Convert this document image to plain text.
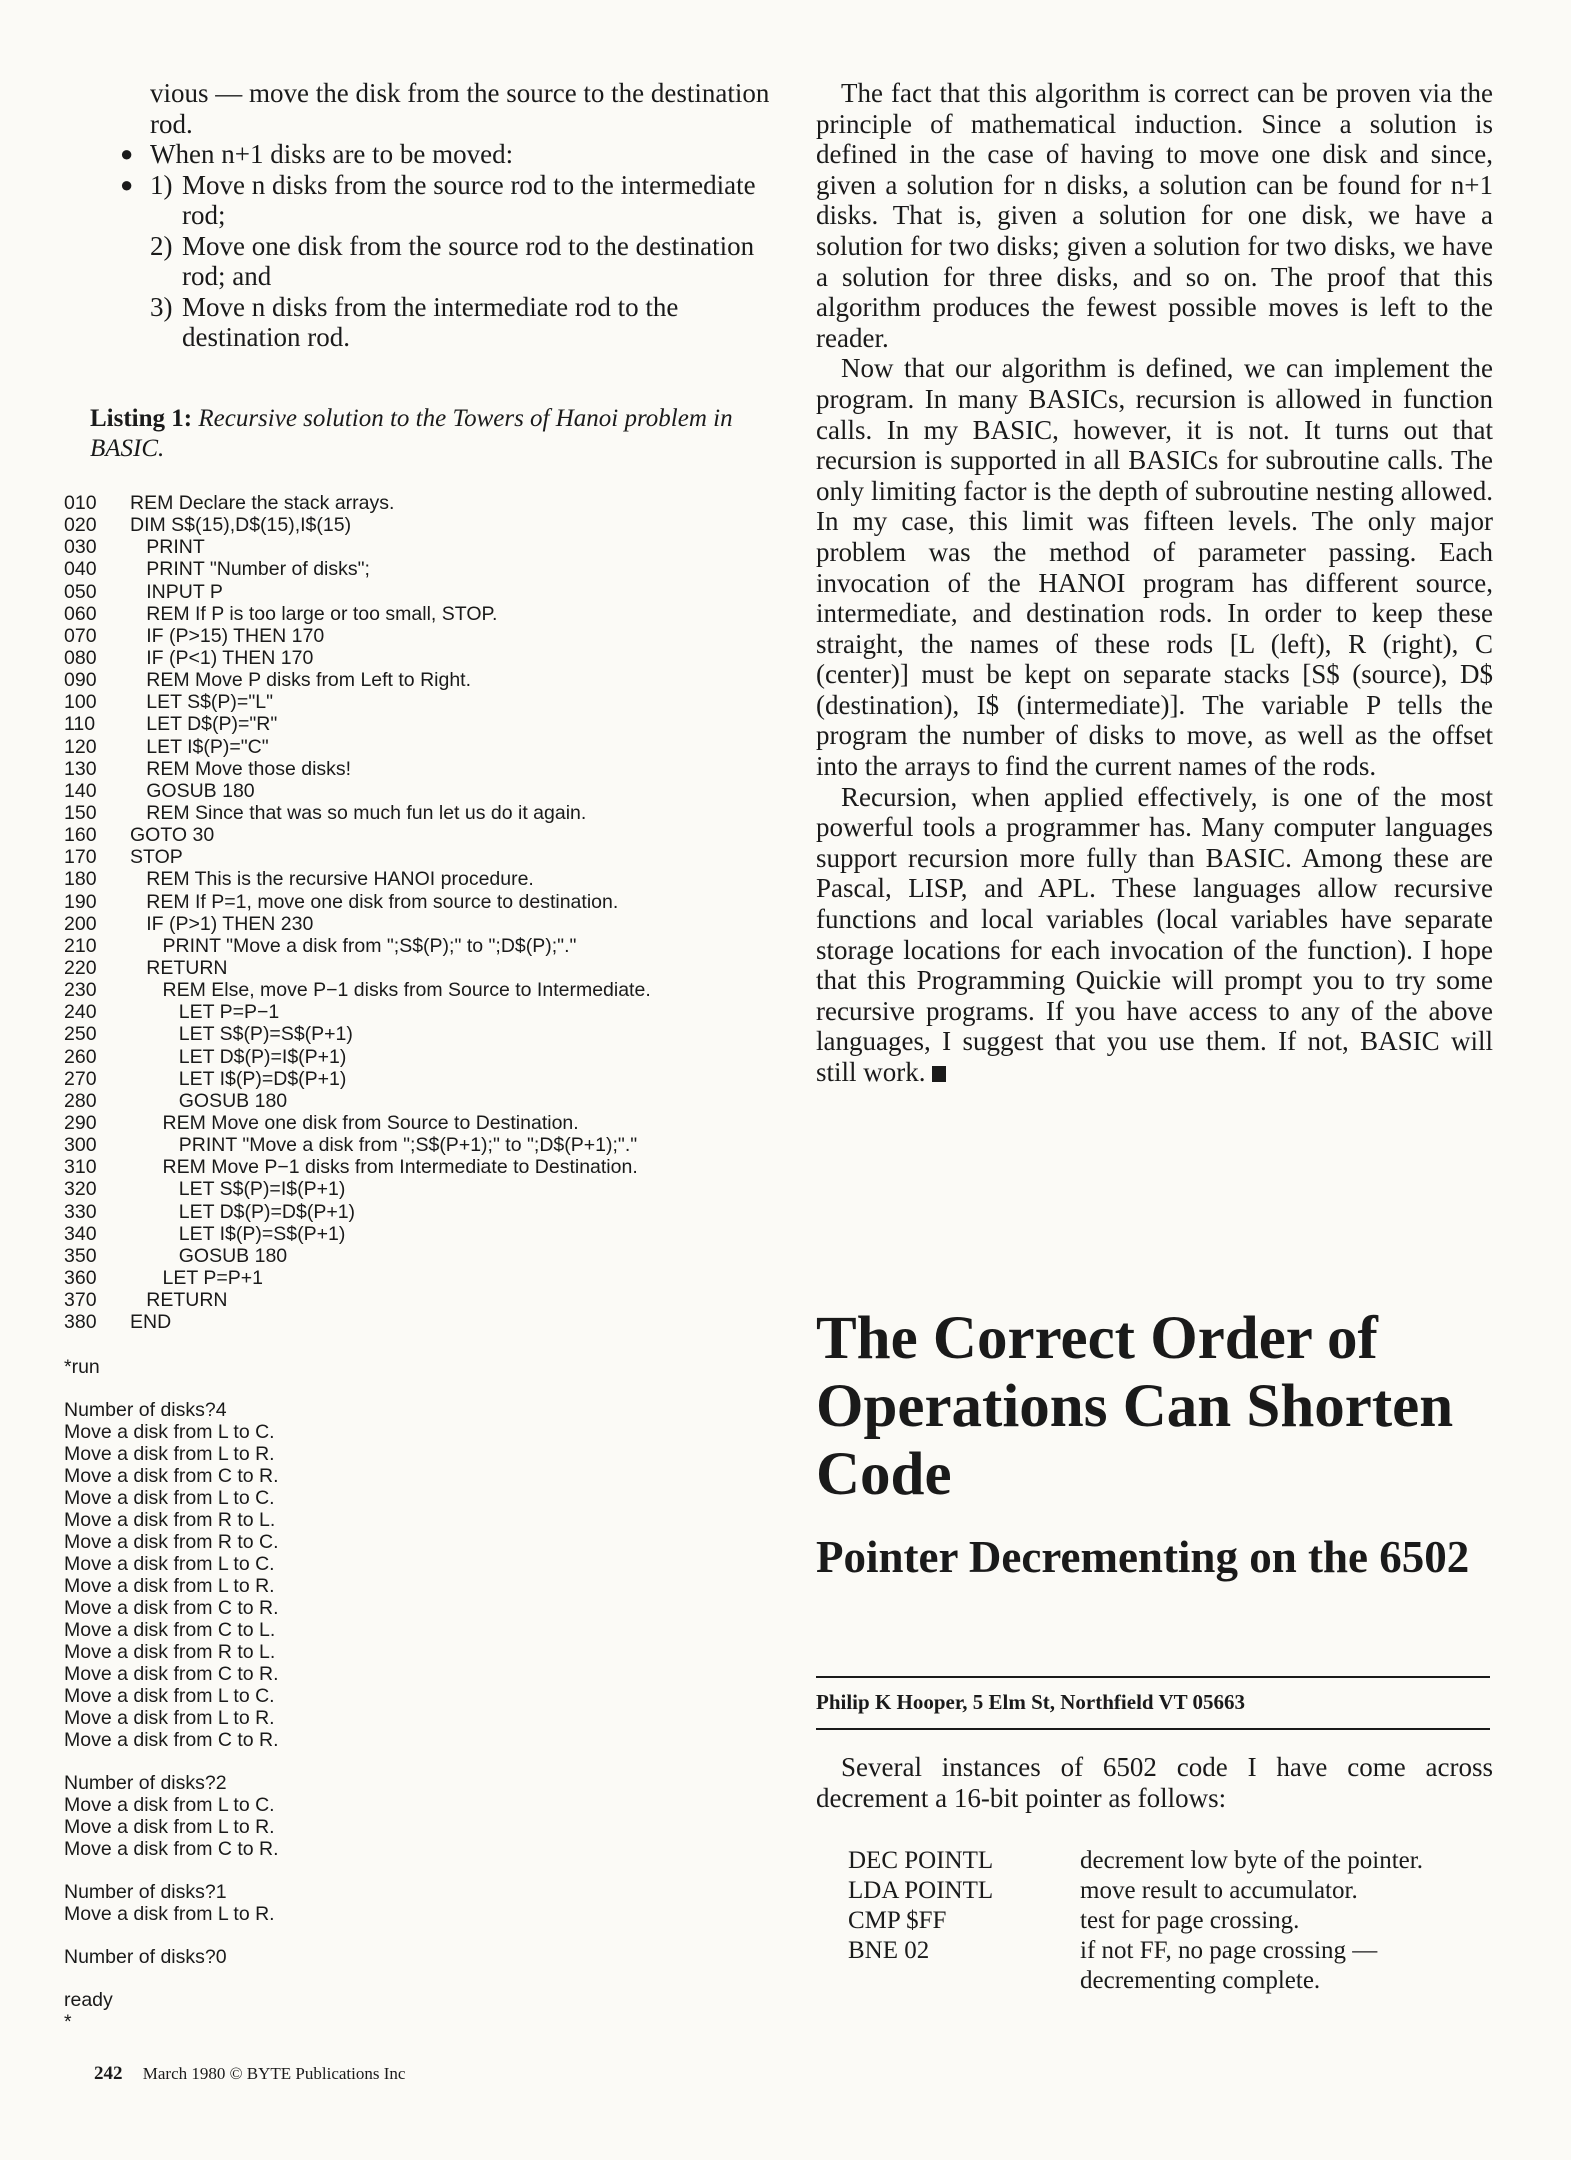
vious — move the disk from the source to the destination rod.
● When n+1 disks are to be moved:
● 1) Move n disks from the source rod to the intermediate rod;
2) Move one disk from the source rod to the destination rod; and
3) Move n disks from the intermediate rod to the destination rod.
Listing 1: Recursive solution to the Towers of Hanoi problem in BASIC.
010 REM Declare the stack arrays.
020 DIM S$(15),D$(15),I$(15)
030   PRINT
040   PRINT "Number of disks";
050   INPUT P
060   REM If P is too large or too small, STOP.
070   IF (P>15) THEN 170
080   IF (P<1) THEN 170
090   REM Move P disks from Left to Right.
100   LET S$(P)="L"
110   LET D$(P)="R"
120   LET I$(P)="C"
130   REM Move those disks!
140   GOSUB 180
150   REM Since that was so much fun let us do it again.
160 GOTO 30
170 STOP
180   REM This is the recursive HANOI procedure.
190   REM If P=1, move one disk from source to destination.
200   IF (P>1) THEN 230
210      PRINT "Move a disk from ";S$(P);" to ";D$(P);"."
220   RETURN
230      REM Else, move P−1 disks from Source to Intermediate.
240         LET P=P−1
250         LET S$(P)=S$(P+1)
260         LET D$(P)=I$(P+1)
270         LET I$(P)=D$(P+1)
280         GOSUB 180
290      REM Move one disk from Source to Destination.
300         PRINT "Move a disk from ";S$(P+1);" to ";D$(P+1);"."
310      REM Move P−1 disks from Intermediate to Destination.
320         LET S$(P)=I$(P+1)
330         LET D$(P)=D$(P+1)
340         LET I$(P)=S$(P+1)
350         GOSUB 180
360      LET P=P+1
370   RETURN
380 END
*run
Number of disks?4
Move a disk from L to C.
Move a disk from L to R.
Move a disk from C to R.
Move a disk from L to C.
Move a disk from R to L.
Move a disk from R to C.
Move a disk from L to C.
Move a disk from L to R.
Move a disk from C to R.
Move a disk from C to L.
Move a disk from R to L.
Move a disk from C to R.
Move a disk from L to C.
Move a disk from L to R.
Move a disk from C to R.
Number of disks?2
Move a disk from L to C.
Move a disk from L to R.
Move a disk from C to R.
Number of disks?1
Move a disk from L to R.
Number of disks?0
ready
*
242 March 1980 © BYTE Publications Inc

The fact that this algorithm is correct can be proven via the principle of mathematical induction. Since a solution is defined in the case of having to move one disk and since, given a solution for n disks, a solution can be found for n+1 disks. That is, given a solution for one disk, we have a solution for two disks; given a solution for two disks, we have a solution for three disks, and so on. The proof that this algorithm produces the fewest possible moves is left to the reader.

Now that our algorithm is defined, we can implement the program. In many BASICs, recursion is allowed in function calls. In my BASIC, however, it is not. It turns out that recursion is supported in all BASICs for subroutine calls. The only limiting factor is the depth of subroutine nesting allowed. In my case, this limit was fifteen levels. The only major problem was the method of parameter passing. Each invocation of the HANOI program has different source, intermediate, and destination rods. In order to keep these straight, the names of these rods [L (left), R (right), C (center)] must be kept on separate stacks [S$ (source), D$ (destination), I$ (intermediate)]. The variable P tells the program the number of disks to move, as well as the offset into the arrays to find the current names of the rods.

Recursion, when applied effectively, is one of the most powerful tools a programmer has. Many computer languages support recursion more fully than BASIC. Among these are Pascal, LISP, and APL. These languages allow recursive functions and local variables (local variables have separate storage locations for each invocation of the function). I hope that this Programming Quickie will prompt you to try some recursive programs. If you have access to any of the above languages, I suggest that you use them. If not, BASIC will still work.

The Correct Order of Operations Can Shorten Code
Pointer Decrementing on the 6502
Philip K Hooper, 5 Elm St, Northfield VT 05663

Several instances of 6502 code I have come across decrement a 16-bit pointer as follows:

DEC POINTL	decrement low byte of the pointer.
LDA POINTL	move result to accumulator.
CMP $FF	test for page crossing.
BNE 02	if not FF, no page crossing —decrementing complete.
